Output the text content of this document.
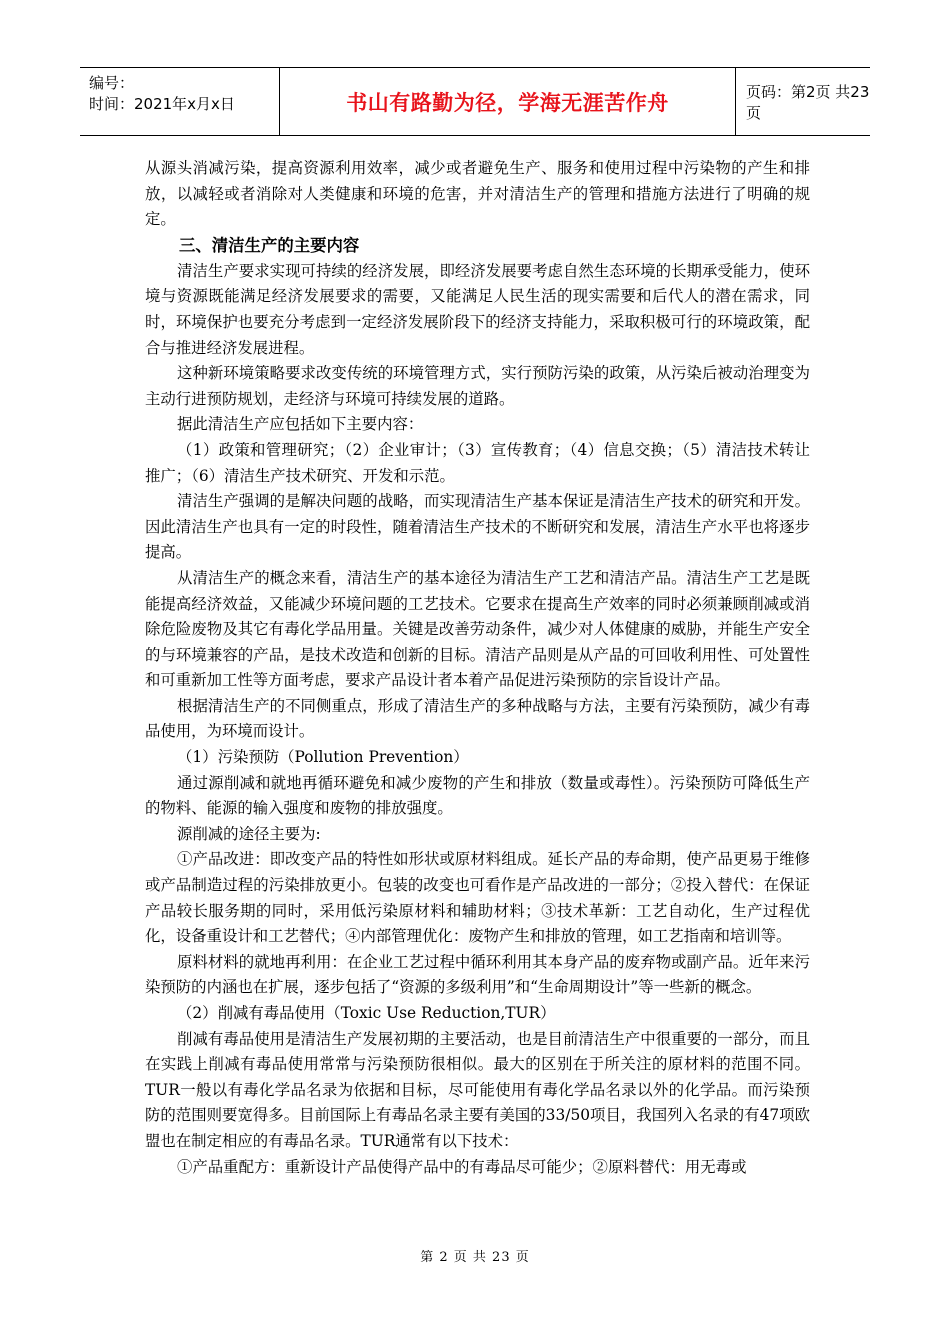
编号：
时间：2021年x月x日	书山有路勤为径，学海无涯苦作舟	页码：第2页 共23页

从源头消减污染，提高资源利用效率，减少或者避免生产、服务和使用过程中污染物的产生和排放，以减轻或者消除对人类健康和环境的危害，并对清洁生产的管理和措施方法进行了明确的规定。

三、清洁生产的主要内容

清洁生产要求实现可持续的经济发展，即经济发展要考虑自然生态环境的长期承受能力，使环境与资源既能满足经济发展要求的需要，又能满足人民生活的现实需要和后代人的潜在需求，同时，环境保护也要充分考虑到一定经济发展阶段下的经济支持能力，采取积极可行的环境政策，配合与推进经济发展进程。

这种新环境策略要求改变传统的环境管理方式，实行预防污染的政策，从污染后被动治理变为主动行进预防规划，走经济与环境可持续发展的道路。

据此清洁生产应包括如下主要内容：

（1）政策和管理研究；（2）企业审计；（3）宣传教育；（4）信息交换；（5）清洁技术转让推广；（6）清洁生产技术研究、开发和示范。

清洁生产强调的是解决问题的战略，而实现清洁生产基本保证是清洁生产技术的研究和开发。因此清洁生产也具有一定的时段性，随着清洁生产技术的不断研究和发展，清洁生产水平也将逐步提高。

从清洁生产的概念来看，清洁生产的基本途径为清洁生产工艺和清洁产品。清洁生产工艺是既能提高经济效益，又能减少环境问题的工艺技术。它要求在提高生产效率的同时必须兼顾削减或消除危险废物及其它有毒化学品用量。关键是改善劳动条件，减少对人体健康的威胁，并能生产安全的与环境兼容的产品，是技术改造和创新的目标。清洁产品则是从产品的可回收利用性、可处置性和可重新加工性等方面考虑，要求产品设计者本着产品促进污染预防的宗旨设计产品。

根据清洁生产的不同侧重点，形成了清洁生产的多种战略与方法，主要有污染预防，减少有毒品使用，为环境而设计。

（1）污染预防（Pollution Prevention）

通过源削减和就地再循环避免和减少废物的产生和排放（数量或毒性）。污染预防可降低生产的物料、能源的输入强度和废物的排放强度。

源削减的途径主要为:

①产品改进：即改变产品的特性如形状或原材料组成。延长产品的寿命期，使产品更易于维修或产品制造过程的污染排放更小。包装的改变也可看作是产品改进的一部分；②投入替代：在保证产品较长服务期的同时，采用低污染原材料和辅助材料；③技术革新：工艺自动化，生产过程优化，设备重设计和工艺替代；④内部管理优化：废物产生和排放的管理，如工艺指南和培训等。

原料材料的就地再利用：在企业工艺过程中循环利用其本身产品的废弃物或副产品。近年来污染预防的内涵也在扩展，逐步包括了“资源的多级利用”和“生命周期设计”等一些新的概念。

（2）削减有毒品使用（Toxic Use Reduction,TUR）

削减有毒品使用是清洁生产发展初期的主要活动，也是目前清洁生产中很重要的一部分，而且在实践上削减有毒品使用常常与污染预防很相似。最大的区别在于所关注的原材料的范围不同。TUR一般以有毒化学品名录为依据和目标，尽可能使用有毒化学品名录以外的化学品。而污染预防的范围则要宽得多。目前国际上有毒品名录主要有美国的33/50项目，我国列入名录的有47项欧盟也在制定相应的有毒品名录。TUR通常有以下技术：

①产品重配方：重新设计产品使得产品中的有毒品尽可能少；②原料替代：用无毒或

第 2 页 共 23 页
